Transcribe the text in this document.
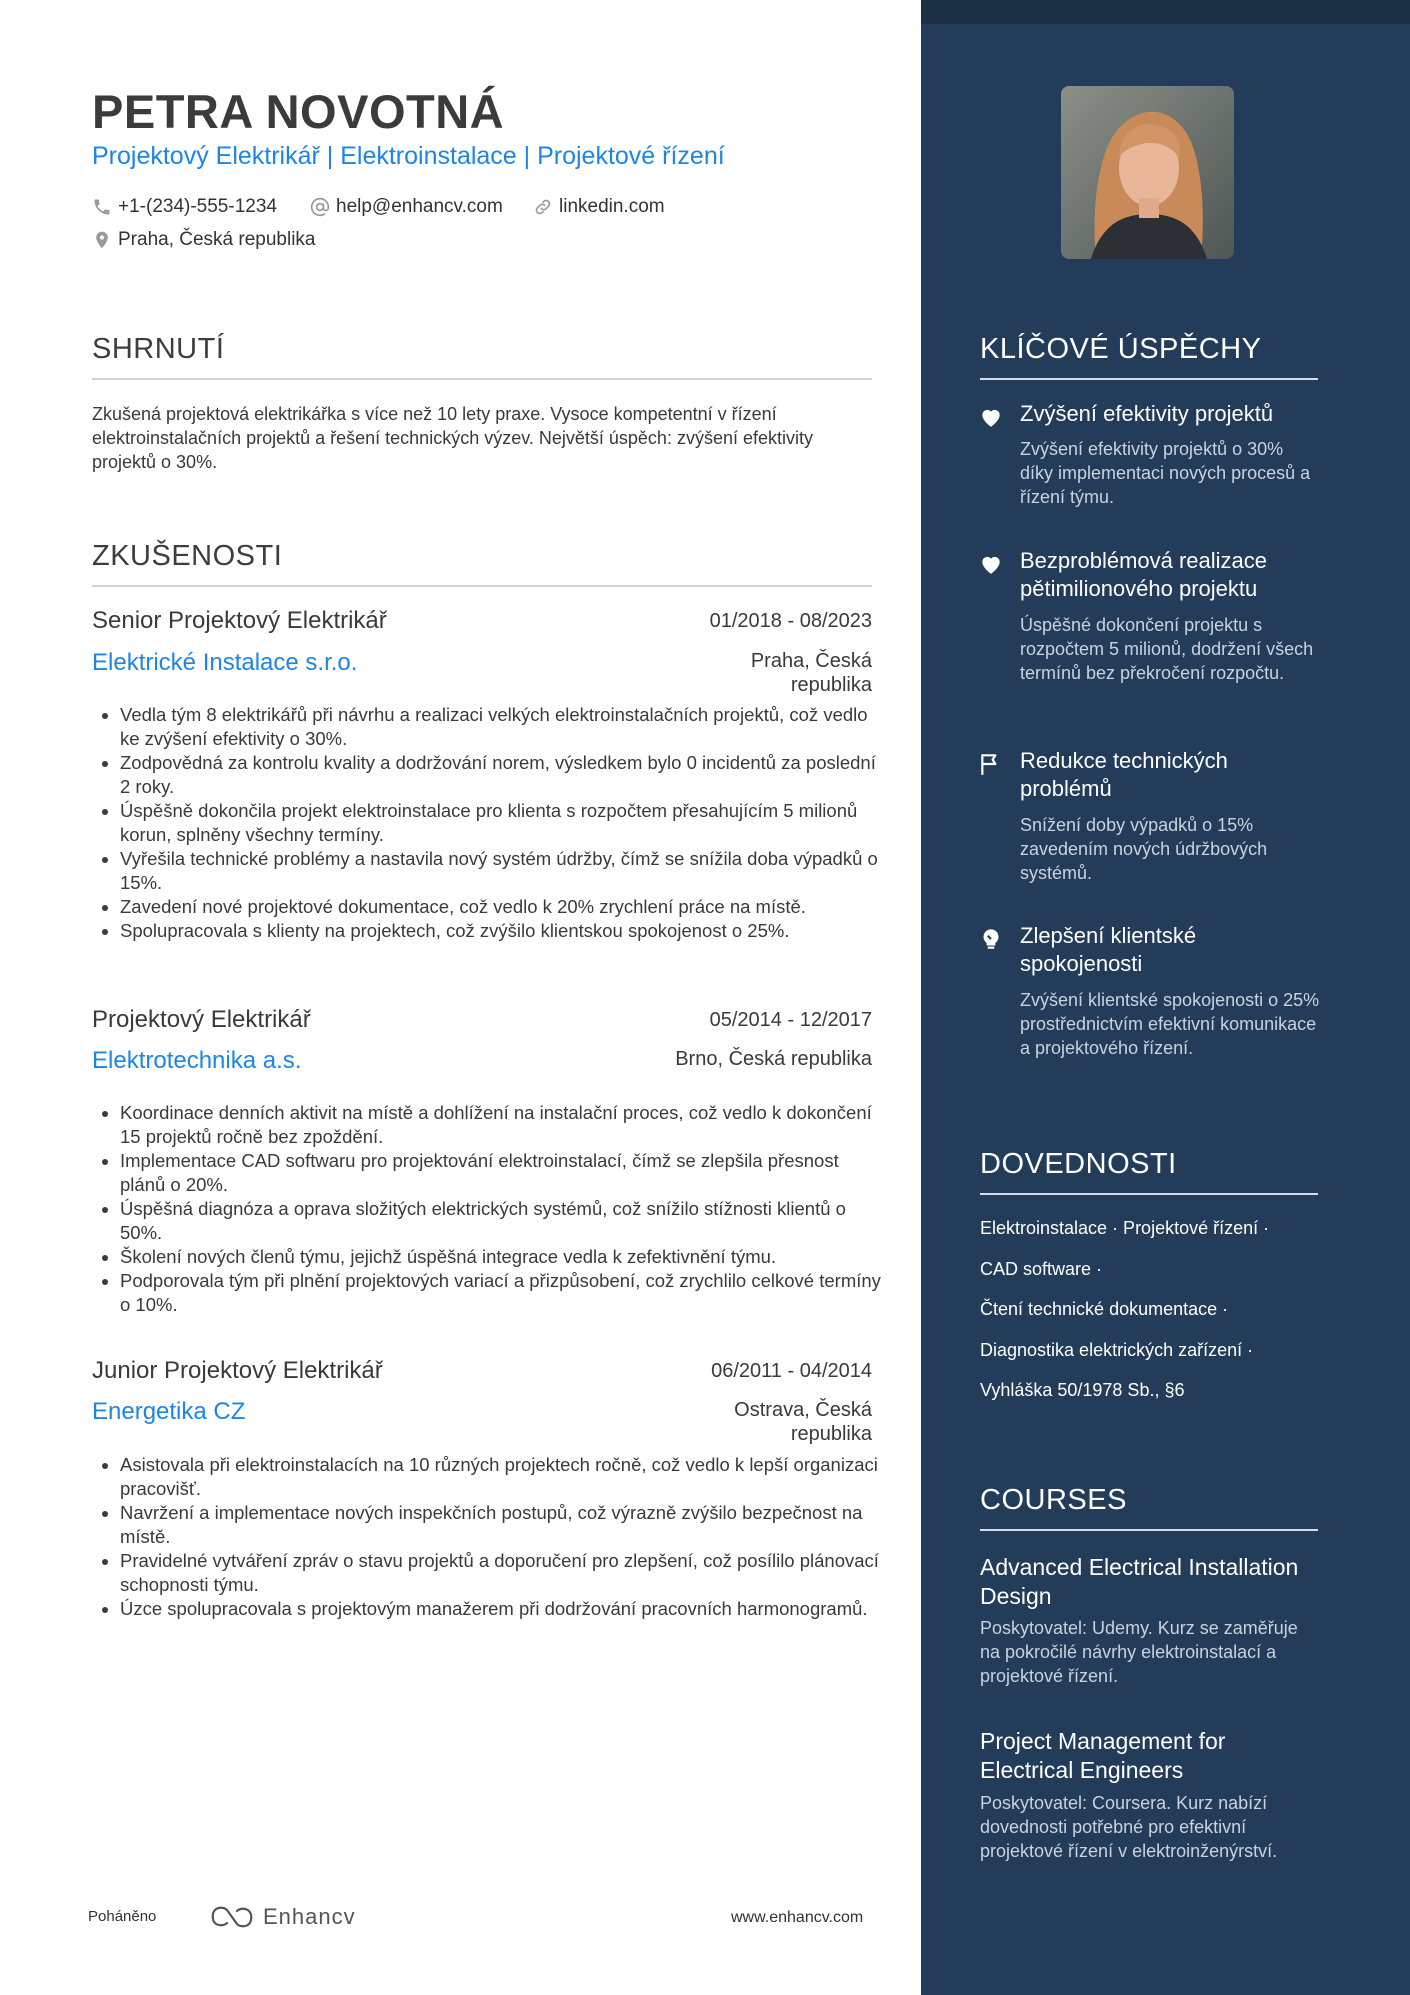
PETRA NOVOTNÁ
Projektový Elektrikář | Elektroinstalace | Projektové řízení
+1-(234)-555-1234	help@enhancv.com	linkedin.com
Praha, Česká republika
SHRNUTÍ
Zkušená projektová elektrikářka s více než 10 lety praxe. Vysoce kompetentní v řízení elektroinstalačních projektů a řešení technických výzev. Největší úspěch: zvýšení efektivity projektů o 30%.
ZKUŠENOSTI
Senior Projektový Elektrikář	01/2018 - 08/2023
Elektrické Instalace s.r.o.	Praha, Česká republika
• Vedla tým 8 elektrikářů při návrhu a realizaci velkých elektroinstalačních projektů, což vedlo ke zvýšení efektivity o 30%.
• Zodpovědná za kontrolu kvality a dodržování norem, výsledkem bylo 0 incidentů za poslední 2 roky.
• Úspěšně dokončila projekt elektroinstalace pro klienta s rozpočtem přesahujícím 5 milionů korun, splněny všechny termíny.
• Vyřešila technické problémy a nastavila nový systém údržby, čímž se snížila doba výpadků o 15%.
• Zavedení nové projektové dokumentace, což vedlo k 20% zrychlení práce na místě.
• Spolupracovala s klienty na projektech, což zvýšilo klientskou spokojenost o 25%.
Projektový Elektrikář	05/2014 - 12/2017
Elektrotechnika a.s.	Brno, Česká republika
• Koordinace denních aktivit na místě a dohlížení na instalační proces, což vedlo k dokončení 15 projektů ročně bez zpoždění.
• Implementace CAD softwaru pro projektování elektroinstalací, čímž se zlepšila přesnost plánů o 20%.
• Úspěšná diagnóza a oprava složitých elektrických systémů, což snížilo stížnosti klientů o 50%.
• Školení nových členů týmu, jejichž úspěšná integrace vedla k zefektivnění týmu.
• Podporovala tým při plnění projektových variací a přizpůsobení, což zrychlilo celkové termíny o 10%.
Junior Projektový Elektrikář	06/2011 - 04/2014
Energetika CZ	Ostrava, Česká republika
• Asistovala při elektroinstalacích na 10 různých projektech ročně, což vedlo k lepší organizaci pracovišť.
• Navržení a implementace nových inspekčních postupů, což výrazně zvýšilo bezpečnost na místě.
• Pravidelné vytváření zpráv o stavu projektů a doporučení pro zlepšení, což posílilo plánovací schopnosti týmu.
• Úzce spolupracovala s projektovým manažerem při dodržování pracovních harmonogramů.
Poháněno	Enhancv	www.enhancv.com
KLÍČOVÉ ÚSPĚCHY
Zvýšení efektivity projektů
Zvýšení efektivity projektů o 30% díky implementaci nových procesů a řízení týmu.
Bezproblémová realizace pětimilionového projektu
Úspěšné dokončení projektu s rozpočtem 5 milionů, dodržení všech termínů bez překročení rozpočtu.
Redukce technických problémů
Snížení doby výpadků o 15% zavedením nových údržbových systémů.
Zlepšení klientské spokojenosti
Zvýšení klientské spokojenosti o 25% prostřednictvím efektivní komunikace a projektového řízení.
DOVEDNOSTI
Elektroinstalace · Projektové řízení ·
CAD software ·
Čtení technické dokumentace ·
Diagnostika elektrických zařízení ·
Vyhláška 50/1978 Sb., §6
COURSES
Advanced Electrical Installation Design
Poskytovatel: Udemy. Kurz se zaměřuje na pokročilé návrhy elektroinstalací a projektové řízení.
Project Management for Electrical Engineers
Poskytovatel: Coursera. Kurz nabízí dovednosti potřebné pro efektivní projektové řízení v elektroinženýrství.
